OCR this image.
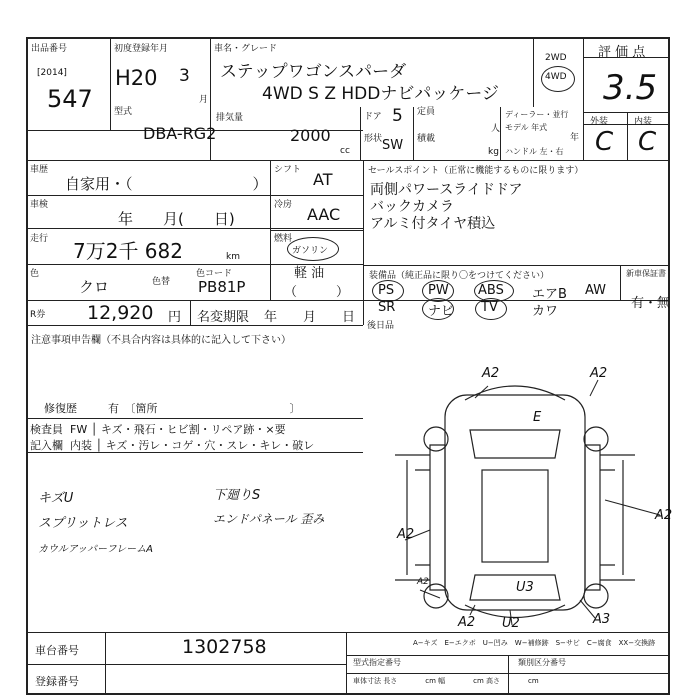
出品番号
[2014]
547
初度登録年月
H20 3
月
車名・グレード
ステップワゴンスパーダ
4WD S Z HDDナビパッケージ
2WD
4WD
評 価 点
3.5
外装	内装
C C
型式
DBA-RG2
排気量
2000
cc
ドア 5
形状 SW
定員
人
積載
kg
ディーラー・並行
モデル 年式
年
ハンドル 左・右
車歴
自家用・（　　　　　　　　）
シフト AT
車検
年　　月(　　日)
冷房 AAC
走行 7万2千 682	km
燃料
ガソリン
軽 油
（　　　）
色
クロ	色替
色コード
PB81P
R券 12,920 円 名変期限 年　　月　　日
セールスポイント（正常に機能するものに限ります）
両側パワースライドドア
バックカメラ
アルミ付タイヤ積込
装備品（純正品に限り〇をつけてください）	新車保証書
PS	PW ABS エアB AW
有・無
SR	ナビ TV	カワ
後日品
注意事項申告欄（不具合内容は具体的に記入して下さい）
修復歴	有　〔箇所　　　　　　　　　　　　〕
検査員 FW │ キズ・飛石・ヒビ割・リペア跡・×要
記入欄 内装 │ キズ・汚レ・コゲ・穴・スレ・キレ・破レ
キズU
スプリットレス
カウルアッパーフレームA
下廻りS
エンドパネール 歪み
A2	A2
E
A2
A2
A2
A2 U2
U3
A3
A−キズ　E−エクボ　U−凹み　W−補修跡　S−サビ　C−腐食　XX−交換跡
車台番号	1302758
登録番号
型式指定番号	類別区分番号
車体寸法 長さ　　　　cm 幅　　　　cm 高さ　　　　cm
